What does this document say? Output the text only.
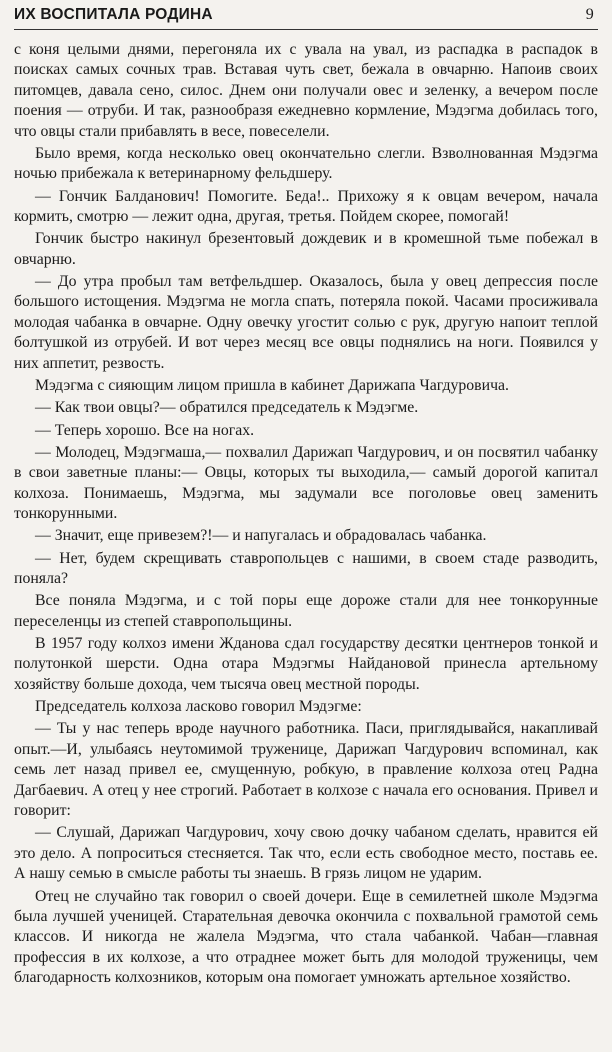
ИХ ВОСПИТАЛА РОДИНА	9

с коня целыми днями, перегоняла их с увала на увал, из распадка в распадок в поисках самых сочных трав. Вставая чуть свет, бежала в овчарню. Напоив своих питомцев, давала сено, силос. Днем они получали овес и зеленку, а вечером после поения — отруби. И так, разнообразя ежедневно кормление, Мэдэгма добилась того, что овцы стали прибавлять в весе, повеселели.

Было время, когда несколько овец окончательно слегли. Взволнованная Мэдэгма ночью прибежала к ветеринарному фельдшеру.

— Гончик Балданович! Помогите. Беда!.. Прихожу я к овцам вечером, начала кормить, смотрю — лежит одна, другая, третья. Пойдем скорее, помогай!

Гончик быстро накинул брезентовый дождевик и в кромешной тьме побежал в овчарню.

— До утра пробыл там ветфельдшер. Оказалось, была у овец депрессия после большого истощения. Мэдэгма не могла спать, потеряла покой. Часами просиживала молодая чабанка в овчарне. Одну овечку угостит солью с рук, другую напоит теплой болтушкой из отрубей. И вот через месяц все овцы поднялись на ноги. Появился у них аппетит, резвость.

Мэдэгма с сияющим лицом пришла в кабинет Дарижапа Чагдуровича.

— Как твои овцы?— обратился председатель к Мэдэгме.

— Теперь хорошо. Все на ногах.

— Молодец, Мэдэгмаша,— похвалил Дарижап Чагдурович, и он посвятил чабанку в свои заветные планы:— Овцы, которых ты выходила,— самый дорогой капитал колхоза. Понимаешь, Мэдэгма, мы задумали все поголовье овец заменить тонкорунными.

— Значит, еще привезем?!— и напугалась и обрадовалась чабанка.

— Нет, будем скрещивать ставропольцев с нашими, в своем стаде разводить, поняла?

Все поняла Мэдэгма, и с той поры еще дороже стали для нее тонкорунные переселенцы из степей ставропольщины.

В 1957 году колхоз имени Жданова сдал государству десятки центнеров тонкой и полутонкой шерсти. Одна отара Мэдэгмы Найдановой принесла артельному хозяйству больше дохода, чем тысяча овец местной породы.

Председатель колхоза ласково говорил Мэдэгме:

— Ты у нас теперь вроде научного работника. Паси, приглядывайся, накапливай опыт.—И, улыбаясь неутомимой труженице, Дарижап Чагдурович вспоминал, как семь лет назад привел ее, смущенную, робкую, в правление колхоза отец Радна Дагбаевич. А отец у нее строгий. Работает в колхозе с начала его основания. Привел и говорит:

— Слушай, Дарижап Чагдурович, хочу свою дочку чабаном сделать, нравится ей это дело. А попроситься стесняется. Так что, если есть свободное место, поставь ее. А нашу семью в смысле работы ты знаешь. В грязь лицом не ударим.

Отец не случайно так говорил о своей дочери. Еще в семилетней школе Мэдэгма была лучшей ученицей. Старательная девочка окончила с похвальной грамотой семь классов. И никогда не жалела Мэдэгма, что стала чабанкой. Чабан—главная профессия в их колхозе, а что отраднее может быть для молодой труженицы, чем благодарность колхозников, которым она помогает умножать артельное хозяйство.
